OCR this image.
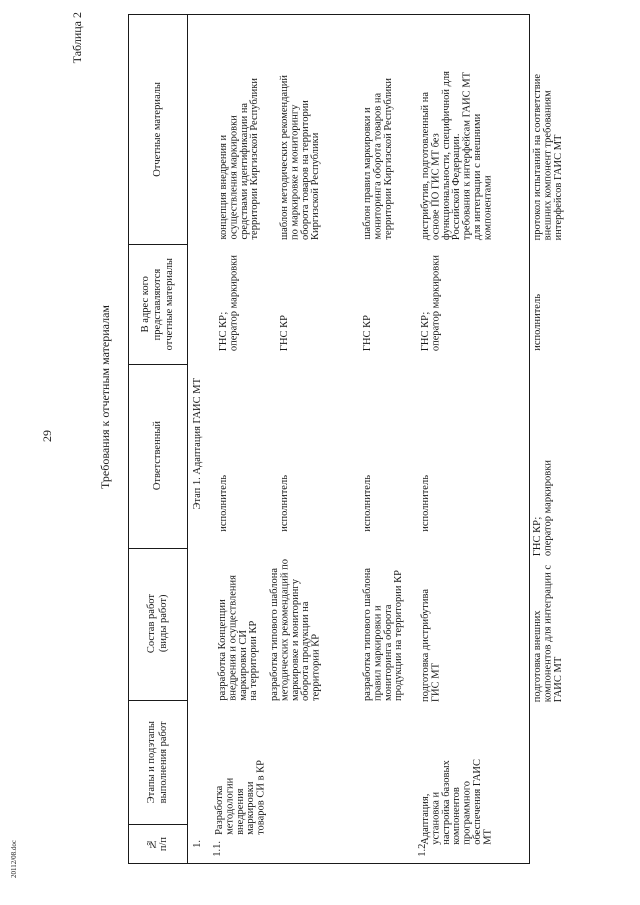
29	Требования к отчетным материалам
Таблица 2
20112/08.doc	№
п/п
Этапы и подэтапы
выполнения работ
Состав работ
(виды работ)
Ответственный
В адрес кого
представляются
отчетные материалы
Отчетные материалы
1.
Этап 1. Адаптация ГАИС МТ
1.1.
Разработка
методологии
внедрения
маркировки
товаров СИ в КР
разработка Концепции
внедрения и осуществления
маркировки СИ
на территории КР
исполнитель
ГНС КР;
оператор маркировки
концепция внедрения и
осуществления маркировки
средствами идентификации на
территории Киргизской Республики
разработка типового шаблона
методических рекомендаций по
маркировке и мониторингу
оборота продукции на
территории КР
исполнитель
ГНС КР
шаблон методических рекомендаций
по маркировке и мониторингу
оборота товаров на территории
Киргизской Республики
разработка типового шаблона
правил маркировки и
мониторинга оборота
продукции на территории КР
исполнитель
ГНС КР
шаблон правил маркировки и
мониторинга оборота товаров на
территории Киргизской Республики
1.2.
Адаптация,
установка и
настройка базовых
компонентов
программного
обеспечения ГАИС
МТ
подготовка дистрибутива
ГИС МТ
исполнитель
ГНС КР;
оператор маркировки
дистрибутив, подготовленный на
основе ПО ГИС МТ без
функциональности, специфичной для
Российской Федерации.
требования к интерфейсам ГАИС МТ
для интеграции с внешними
компонентами
подготовка внешних
компонентов для интеграции с
ГАИС МТ
ГНС КР;
оператор маркировки
исполнитель
протокол испытаний на соответствие
внешних компонент требованиям
интерфейсов ГАИС МТ
